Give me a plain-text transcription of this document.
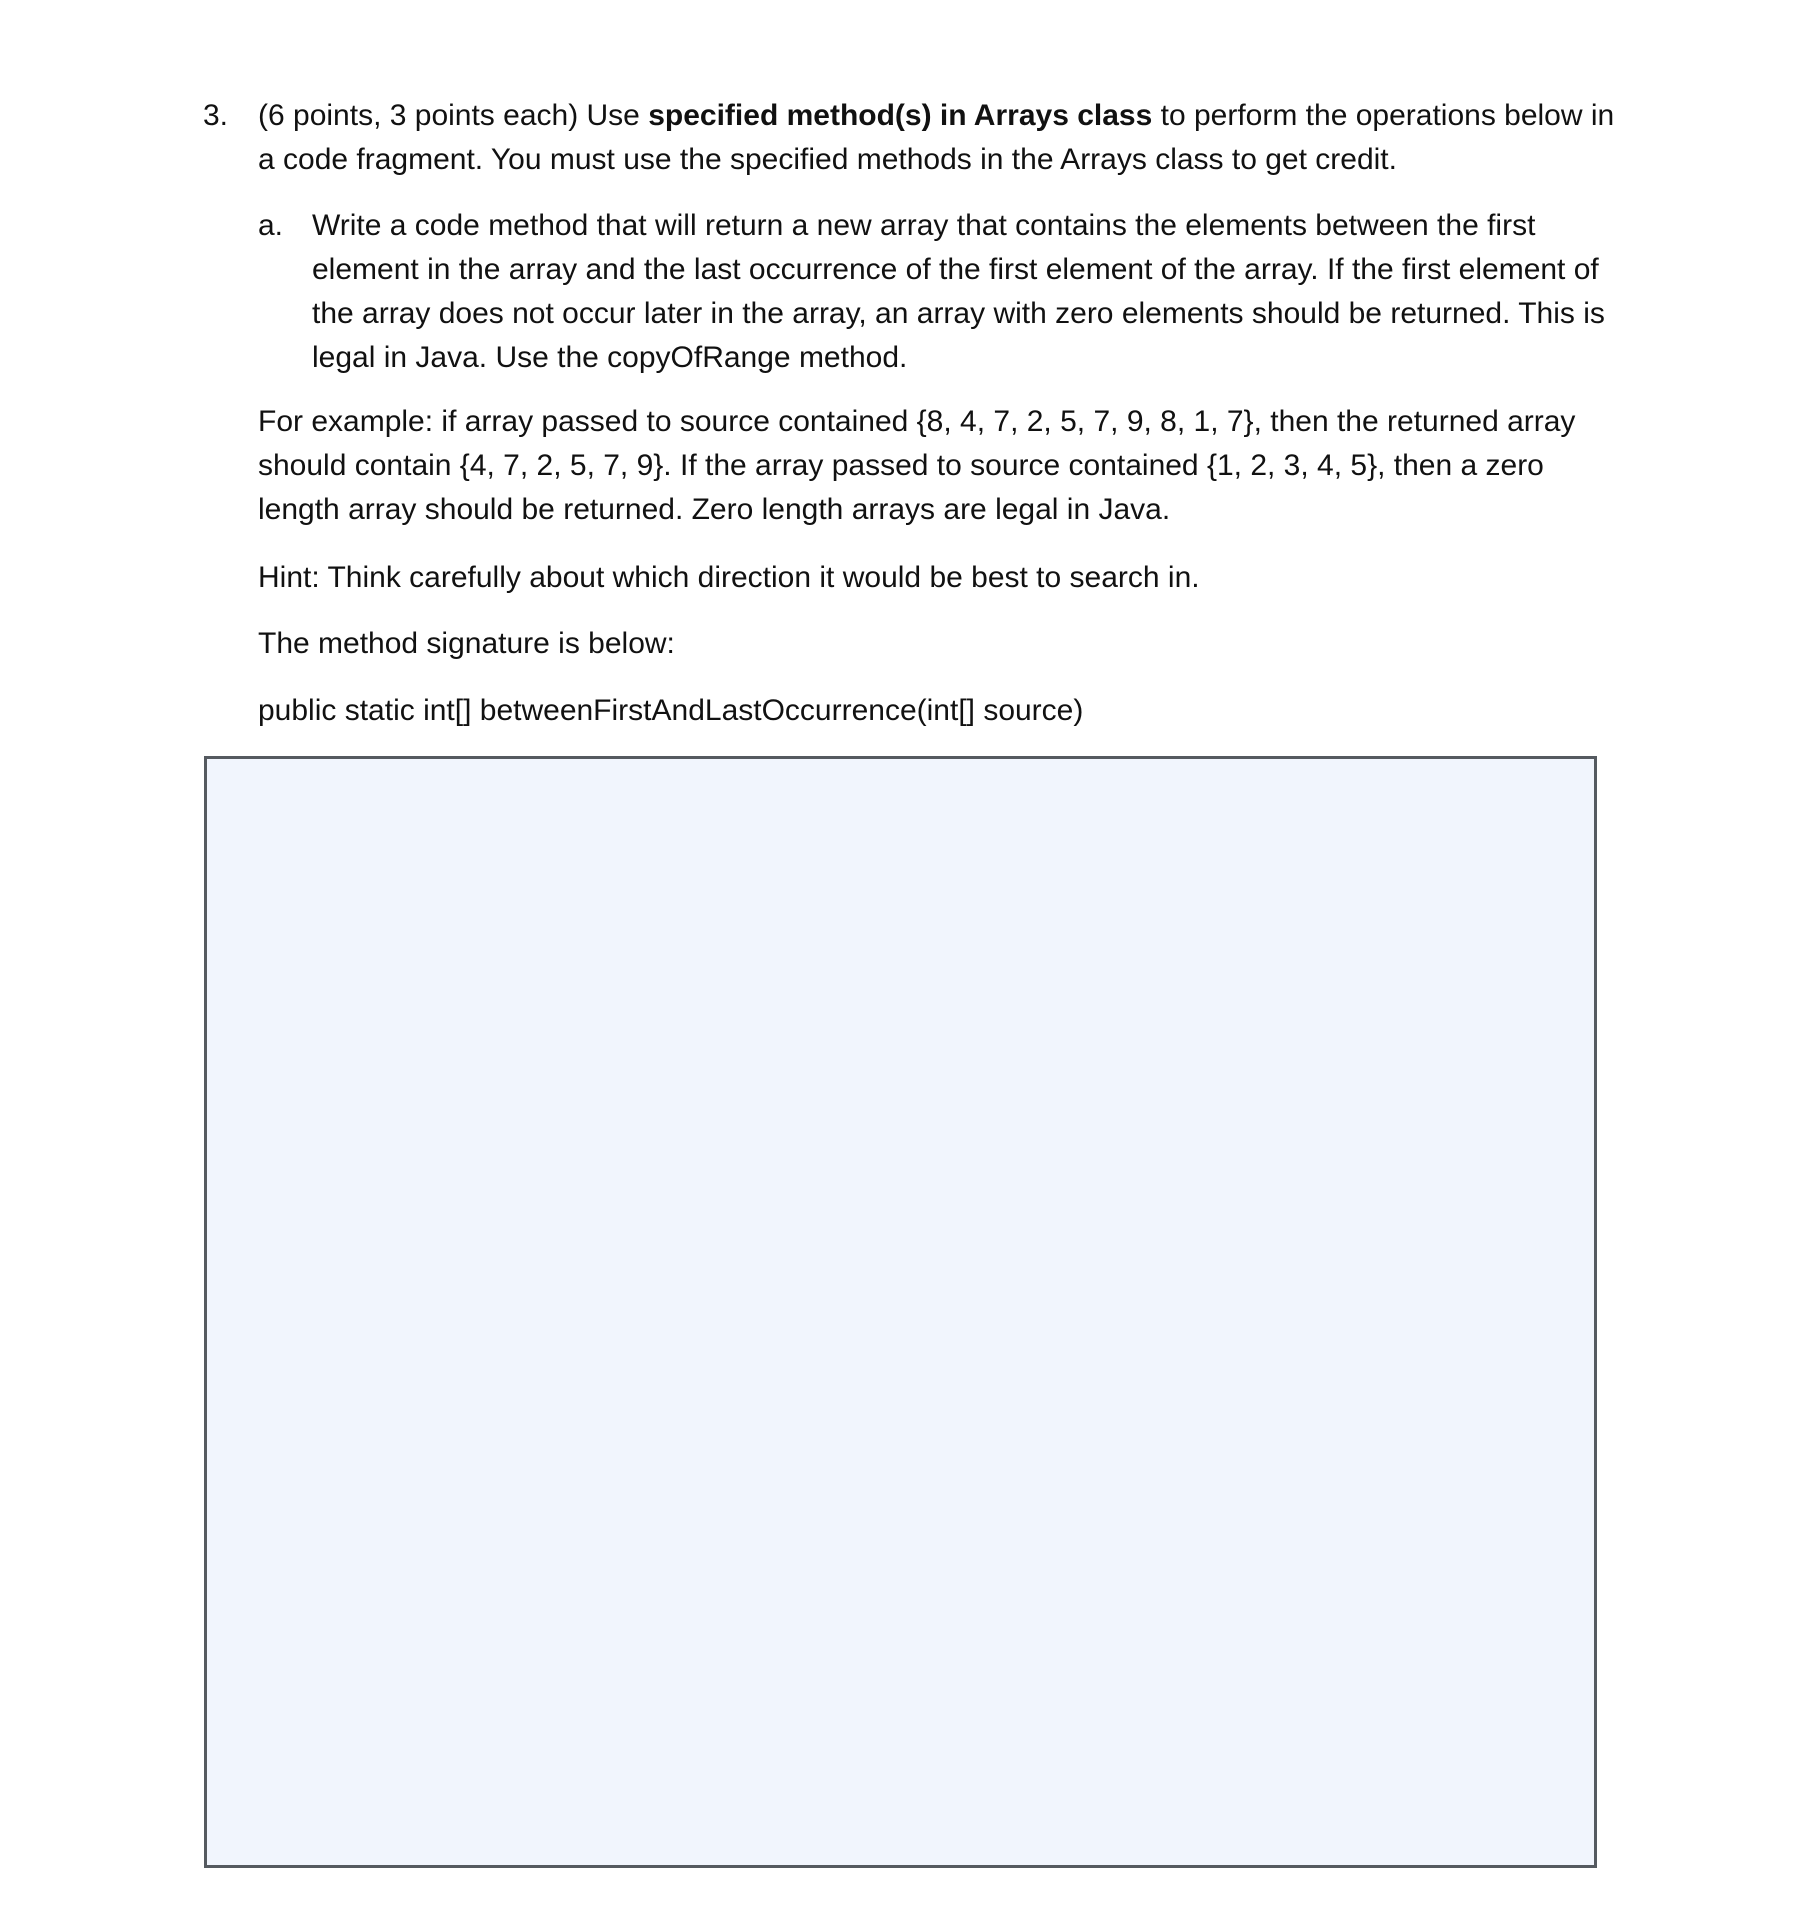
3. (6 points, 3 points each) Use specified method(s) in Arrays class to perform the operations below in a code fragment. You must use the specified methods in the Arrays class to get credit.
a. Write a code method that will return a new array that contains the elements between the first element in the array and the last occurrence of the first element of the array. If the first element of the array does not occur later in the array, an array with zero elements should be returned. This is legal in Java. Use the copyOfRange method.
For example: if array passed to source contained {8, 4, 7, 2, 5, 7, 9, 8, 1, 7}, then the returned array should contain {4, 7, 2, 5, 7, 9}. If the array passed to source contained {1, 2, 3, 4, 5}, then a zero length array should be returned. Zero length arrays are legal in Java.
Hint: Think carefully about which direction it would be best to search in.
The method signature is below:
public static int[] betweenFirstAndLastOccurrence(int[] source)
